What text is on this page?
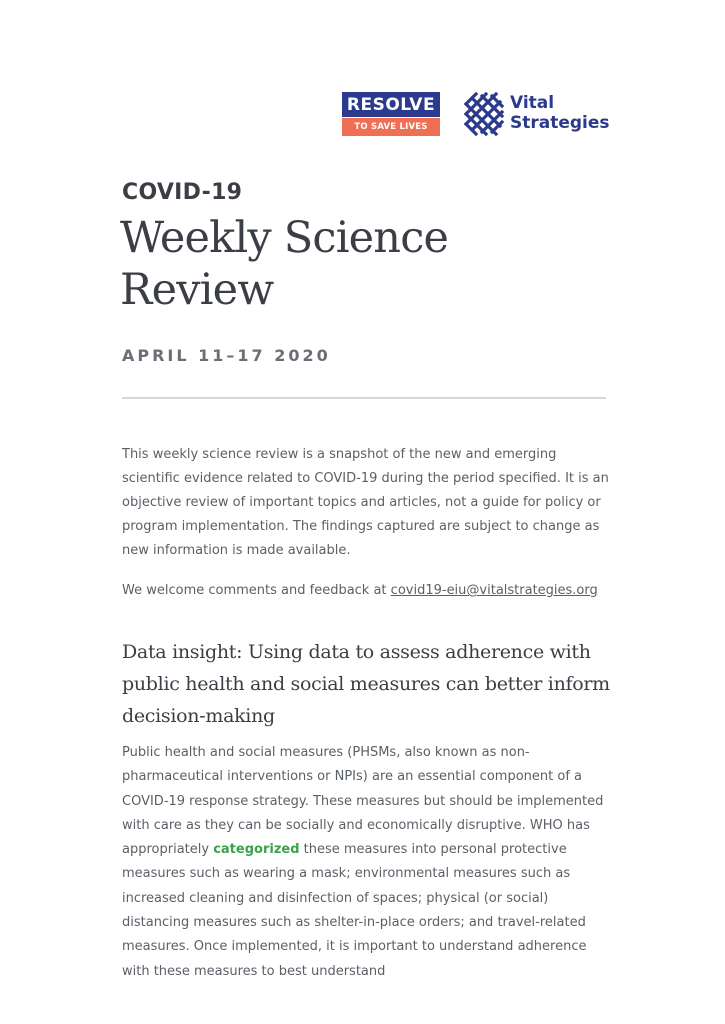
RESOLVE
TO SAVE LIVES
Vital
Strategies
COVID-19
Weekly Science Review
APRIL 11–17 2020
This weekly science review is a snapshot of the new and emerging scientific evidence related to COVID-19 during the period specified. It is an objective review of important topics and articles, not a guide for policy or program implementation. The findings captured are subject to change as new information is made available.
We welcome comments and feedback at covid19-eiu@vitalstrategies.org
Data insight: Using data to assess adherence with public health and social measures can better inform decision-making
Public health and social measures (PHSMs, also known as non-pharmaceutical interventions or NPIs) are an essential component of a COVID-19 response strategy. These measures but should be implemented with care as they can be socially and economically disruptive. WHO has appropriately categorized these measures into personal protective measures such as wearing a mask; environmental measures such as increased cleaning and disinfection of spaces; physical (or social) distancing measures such as shelter-in-place orders; and travel-related measures. Once implemented, it is important to understand adherence with these measures to best understand
